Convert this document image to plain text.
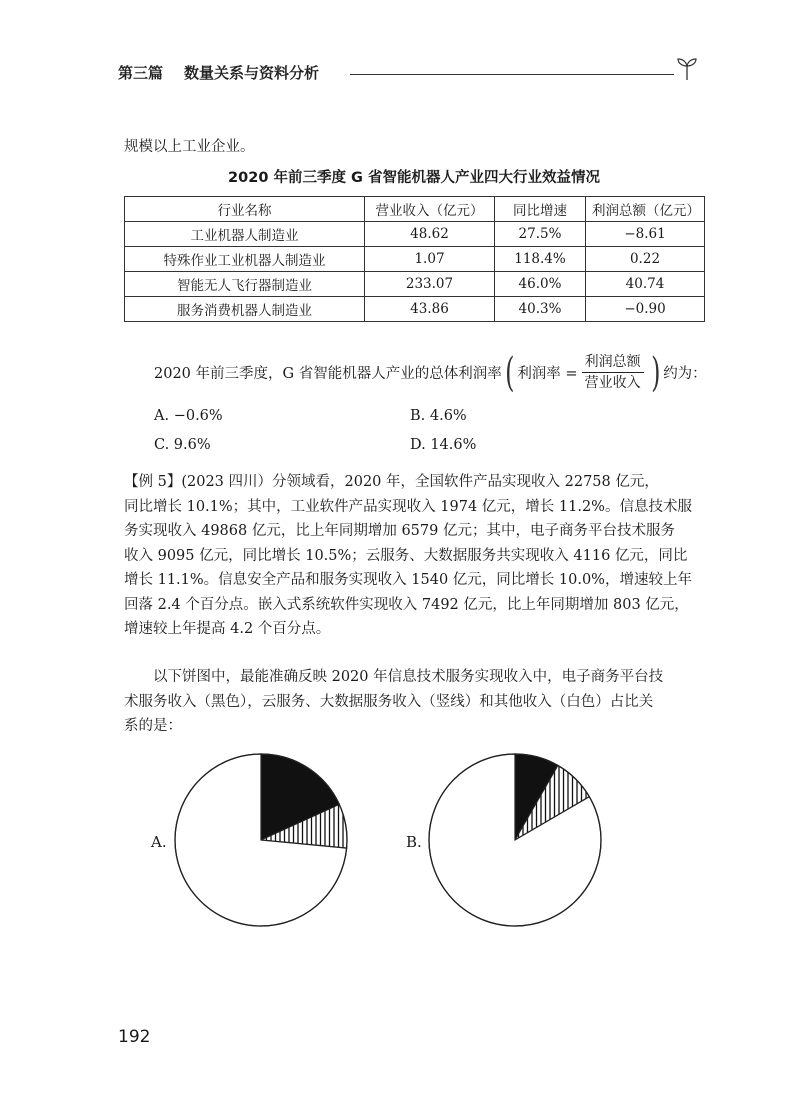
第三篇 数量关系与资料分析
规模以上工业企业。
2020 年前三季度 G 省智能机器人产业四大行业效益情况
行业名称	营业收入（亿元）	同比增速	利润总额（亿元）
工业机器人制造业	48.62	27.5%	−8.61
特殊作业工业机器人制造业	1.07	118.4%	0.22
智能无人飞行器制造业	233.07	46.0%	40.74
服务消费机器人制造业	43.86	40.3%	−0.90
2020 年前三季度，G 省智能机器人产业的总体利润率 ( 利润率 = $\frac{\text{利润总额}}{\text{营业收入}}$ ) 约为：
A. −0.6%	B. 4.6%
C. 9.6%	D. 14.6%
【例 5】(2023 四川）分领域看，2020 年，全国软件产品实现收入 22758 亿元，
同比增长 10.1%；其中，工业软件产品实现收入 1974 亿元，增长 11.2%。信息技术服
务实现收入 49868 亿元，比上年同期增加 6579 亿元；其中，电子商务平台技术服务
收入 9095 亿元，同比增长 10.5%；云服务、大数据服务共实现收入 4116 亿元，同比
增长 11.1%。信息安全产品和服务实现收入 1540 亿元，同比增长 10.0%，增速较上年
回落 2.4 个百分点。嵌入式系统软件实现收入 7492 亿元，比上年同期增加 803 亿元，
增速较上年提高 4.2 个百分点。
以下饼图中，最能准确反映 2020 年信息技术服务实现收入中，电子商务平台技
术服务收入（黑色），云服务、大数据服务收入（竖线）和其他收入（白色）占比关
系的是：
A.	B.
192
